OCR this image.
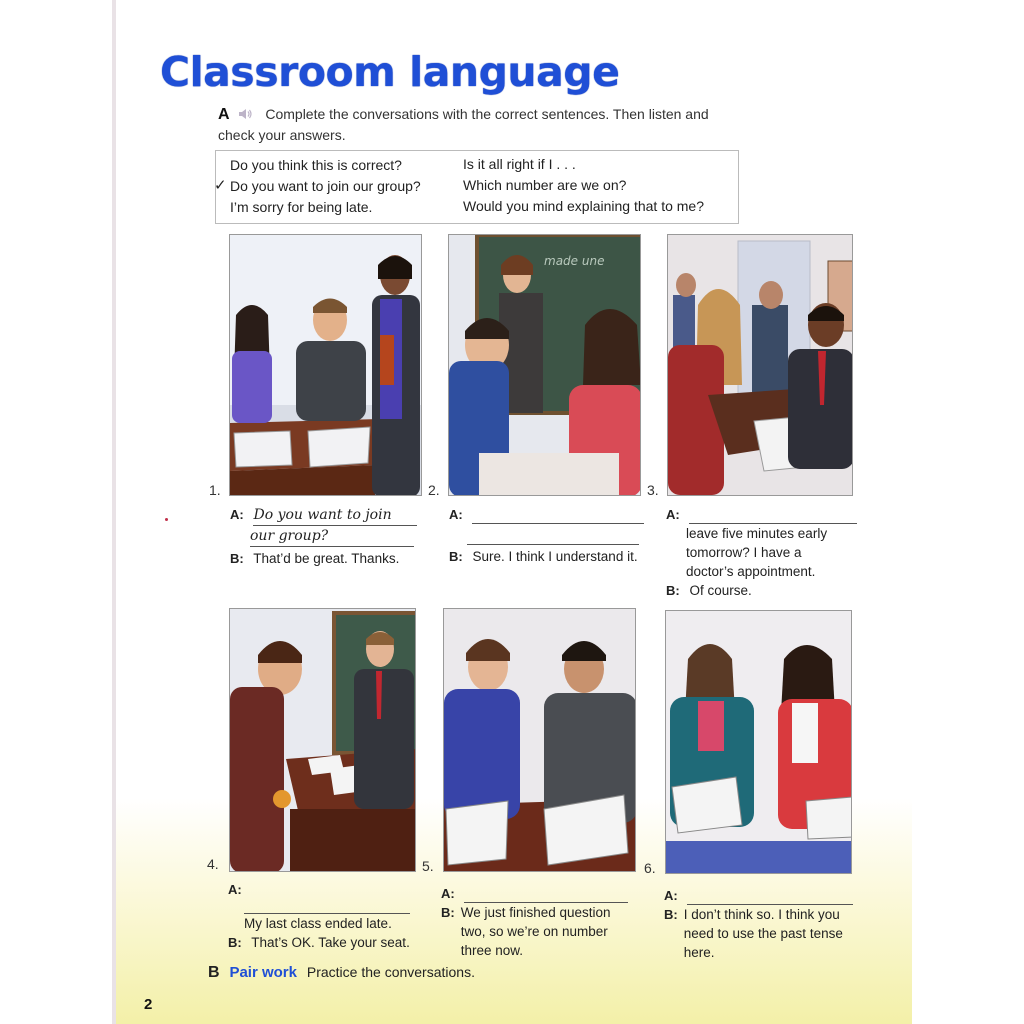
Classroom language
A	Complete the conversations with the correct sentences. Then listen and check your answers.
✓
Do you think this is correct?
Do you want to join our group?
I’m sorry for being late.
Is it all right if I . . .
Which number are we on?
Would you mind explaining that to me?
1.
made une
2.	3.
A: Do you want to join
our group?
B: That’d be great. Thanks.
A:
B: Sure. I think I understand it.
A:
leave five minutes early tomorrow? I have a doctor’s appointment.
B: Of course.
4.	5.	6.
A:
My last class ended late.
B: That’s OK. Take your seat.
A:
B: We just finished question two, so we’re on number three now.
A:
B: I don’t think so. I think you need to use the past tense here.
B Pair work Practice the conversations.
2
